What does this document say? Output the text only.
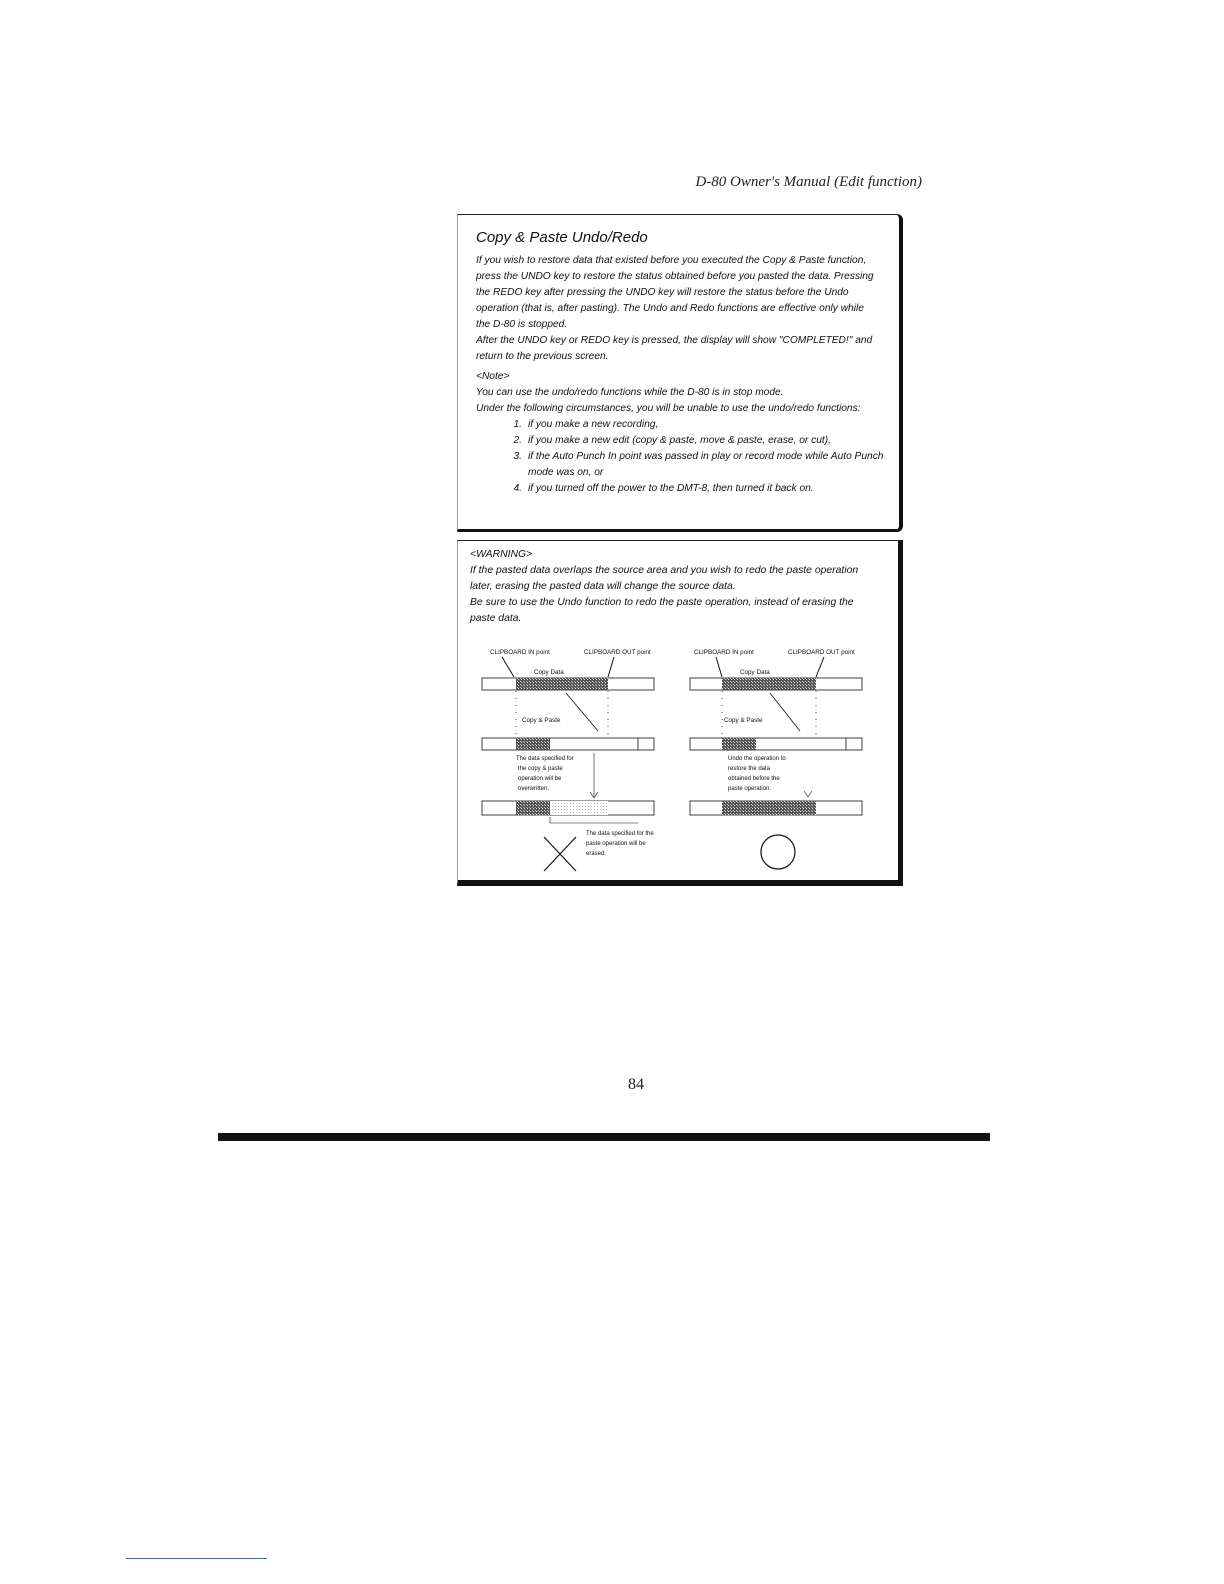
D-80 Owner's Manual (Edit function)
Copy & Paste Undo/Redo
If you wish to restore data that existed before you executed the Copy & Paste function,
press the UNDO key to restore the status obtained before you pasted the data. Pressing
the REDO key after pressing the UNDO key will restore the status before the Undo
operation (that is, after pasting). The Undo and Redo functions are effective only while
the D-80 is stopped.
After the UNDO key or REDO key is pressed, the display will show "COMPLETED!" and
return to the previous screen.
<Note>
You can use the undo/redo functions while the D-80 is in stop mode.
Under the following circumstances, you will be unable to use the undo/redo functions:
1. if you make a new recording,
2. if you make a new edit (copy & paste, move & paste, erase, or cut),
3. if the Auto Punch In point was passed in play or record mode while Auto Punch mode was on, or
4. if you turned off the power to the DMT-8, then turned it back on.
<WARNING>
If the pasted data overlaps the source area and you wish to redo the paste operation
later, erasing the pasted data will change the source data.
Be sure to use the Undo function to redo the paste operation, instead of erasing the
paste data.
CLIPBOARD IN point	CLIPBOARD OUT point
Copy Data
Copy & Paste
The data specified for
the copy & paste
operation will be
overwritten.
The data specified for the
paste operation will be
erased.
CLIPBOARD IN point	CLIPBOARD OUT point
Copy Data
Copy & Paste
Undo the operation to
restore the data
obtained before the
paste operation.
84
